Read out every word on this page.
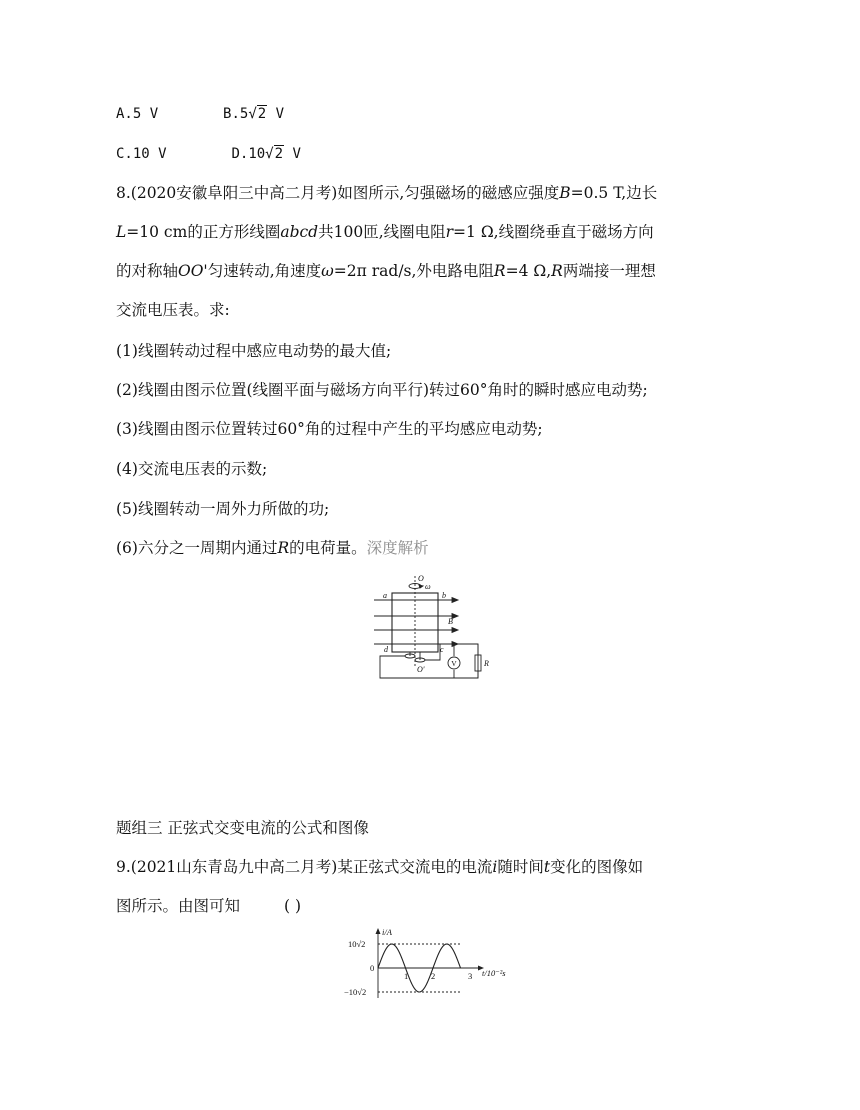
A.5 V	B.5√2 V
C.10 V	D.10√2 V
8.(2020安徽阜阳三中高二月考)如图所示,匀强磁场的磁感应强度B=0.5 T,边长
L=10 cm的正方形线圈abcd共100匝,线圈电阻r=1 Ω,线圈绕垂直于磁场方向
的对称轴OO'匀速转动,角速度ω=2π rad/s,外电路电阻R=4 Ω,R两端接一理想
交流电压表。求:
(1)线圈转动过程中感应电动势的最大值;
(2)线圈由图示位置(线圈平面与磁场方向平行)转过60°角时的瞬时感应电动势;
(3)线圈由图示位置转过60°角的过程中产生的平均感应电动势;
(4)交流电压表的示数;
(5)线圈转动一周外力所做的功;
(6)六分之一周期内通过R的电荷量。深度解析
O
ω
a	b
B
d	c
O'
R
V
题组三 正弦式交变电流的公式和图像
9.(2021山东青岛九中高二月考)某正弦式交流电的电流i随时间t变化的图像如
图所示。由图可知	( )
i/A
t/10⁻²s
10√2
−10√2
0
1	2	3
